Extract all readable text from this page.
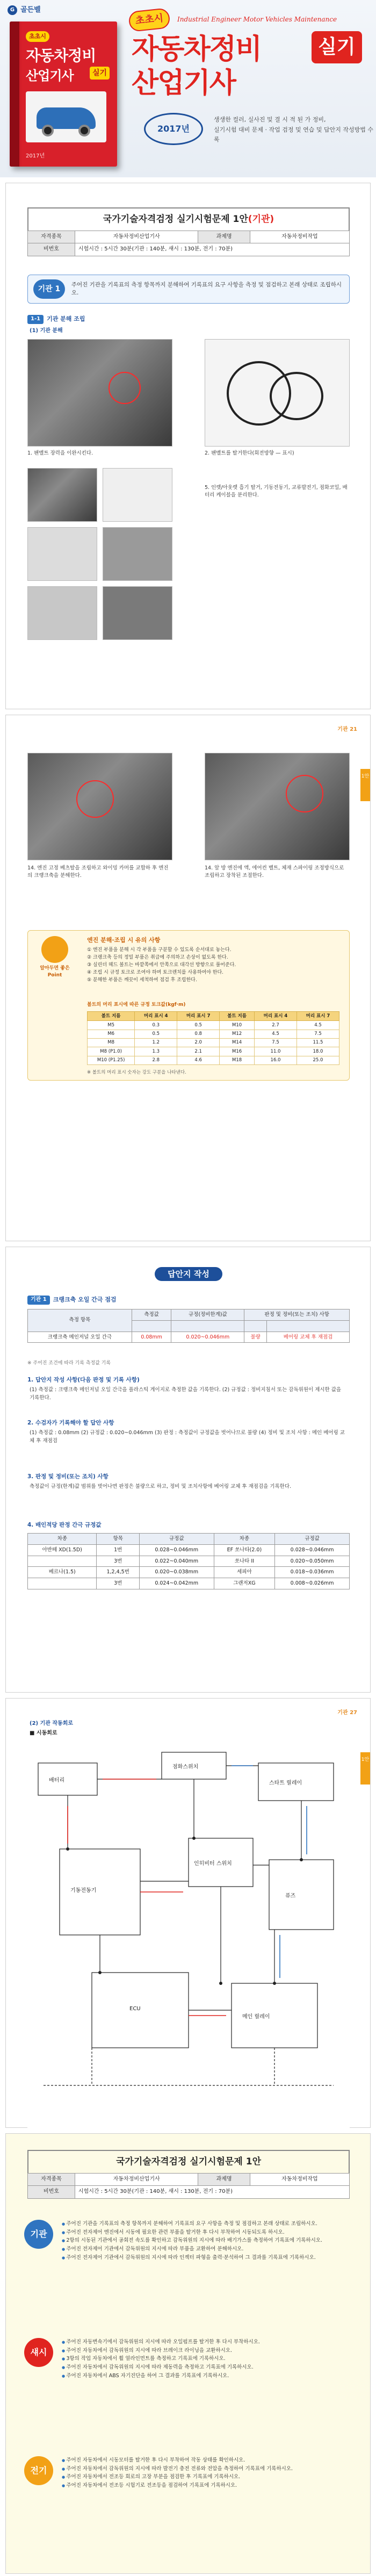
G 골든벨
초초시
자동차정비
산업기사	실기
2017년
초초시	Industrial Engineer Motor Vehicles Maintenance
자동차정비
산업기사
실기
2017년
생생한 컬러, 실사진 및 결 시 적 된 가 정비,
실기시험 대비 문제 · 작업 검정 및 연습 및 답안지 작성방법 수록
국가기술자격검정 실기시험문제 1안(기관)
자격종목	자동차정비산업기사	과제명	자동차정비작업
비번호	시험시간 : 5시간 30분(기관 : 140분, 섀시 : 130분, 전기 : 70분)		
기관 1
주어진 기관을 기록표의 측정 항목까지 분해하여 기록표의 요구 사항을 측정 및 점검하고 본래 상태로 조립하시오.
1-1	기관 분해 조립
(1) 기관 분해
1. 팬벨트 장력을 이완시킨다.	2. 팬벨트를 탈거한다(회전방향 — 표시)
5. 인렛/아웃렛 흡기 탈거, 기동전동기, 교류발전기, 점화코일, 배터리 케이블을 분리한다.
기관 21
1안
14. 엔진 고정 베츠탈을 조립하고 와이밍 카머를 교합하 후 엔진의 크랭크축을 분해한다.
14. 앞 방 엔진에 액, 에어컨 벨트, 체재 스파이링 조정방식으로 조립하고 장착된 조절한다.
알아두면 좋은 Point
엔진 분해·조립 시 유의 사항
① 엔진 부품을 분해 시 각 부품을 구분할 수 있도록 순서대로 놓는다.
② 크랭크축 등의 정밀 부품은 취급에 주의하고 손상이 없도록 한다.
③ 실린더 헤드 볼트는 바깥쪽에서 안쪽으로 대각선 방향으로 풀어준다.
④ 조립 시 규정 토크로 조여야 하며 토크렌치를 사용하여야 한다.
⑤ 분해한 부품은 깨끗이 세척하여 점검 후 조립한다.
볼트의 머리 표시에 따른 규정 토크값(kgf·m)
볼트 지름	머리 표시 4	머리 표시 7	볼트 지름	머리 표시 4	머리 표시 7
M5	0.3	0.5	M10	2.7	4.5
M6	0.5	0.8	M12	4.5	7.5
M8	1.2	2.0	M14	7.5	11.5
M8 (P1.0)	1.3	2.1	M16	11.0	18.0
M10 (P1.25)	2.8	4.6	M18	16.0	25.0
※ 볼트의 머리 표시 숫자는 강도 구분을 나타낸다.
답안지 작성
기관 1	크랭크축 오일 간극 점검
측정 항목	측정값	규정(정비한계)값	판정 및 정비(또는 조치) 사항	

크랭크축 메인저널 오일 간극	0.08mm	0.020~0.046mm	불량	베어링 교체 후 재점검
※ 주어진 조건에 따라 기록 측정값 기록
1. 답안지 작성 사항(다음 판정 및 기록 사항)
(1) 측정값 : 크랭크축 메인저널 오일 간극을 플라스틱 게이지로 측정한 값을 기록한다. (2) 규정값 : 정비지침서 또는 감독위원이 제시한 값을 기록한다.
2. 수검자가 기록해야 할 답안 사항
(1) 측정값 : 0.08mm (2) 규정값 : 0.020~0.046mm (3) 판정 : 측정값이 규정값을 벗어나므로 불량 (4) 정비 및 조치 사항 : 메인 베어링 교체 후 재점검
3. 판정 및 정비(또는 조치) 사항
측정값이 규정(한계)값 범위를 벗어나면 판정은 불량으로 하고, 정비 및 조치사항에 베어링 교체 후 재점검을 기록한다.
4. 배인적당 판정 간극 규정값
차종	항목	규정값	차종	규정값
아반떼 XD(1.5D)	1번	0.028~0.046mm	EF 쏘나타(2.0)	0.028~0.046mm
	3번	0.022~0.040mm	쏘나타 II	0.020~0.050mm
베르나(1.5)	1,2,4,5번	0.020~0.038mm	세피아	0.018~0.036mm
	3번	0.024~0.042mm	그랜저XG	0.008~0.026mm
기관 27
1안
(2) 기관 작동회로
■ 시동회로
배터리
점화스위치
스타트 릴레이
기동전동기
인히비터 스위치
퓨즈
ECU
메인 릴레이
국가기술자격검정 실기시험문제 1안
자격종목	자동차정비산업기사	과제명	자동차정비작업
비번호	시험시간 : 5시간 30분(기관 : 140분, 섀시 : 130분, 전기 : 70분)		
기관
● 주어진 기관을 기록표의 측정 항목까지 분해하여 기록표의 요구 사항을 측정 및 점검하고 본래 상태로 조립하시오.
● 주어진 전자제어 엔진에서 시동에 필요한 관련 부품을 탈거한 후 다시 부착하여 시동되도록 하시오.
● 2항의 시동된 기관에서 공회전 속도를 확인하고 감독위원의 지시에 따라 배기가스를 측정하여 기록표에 기록하시오.
● 주어진 전자제어 기관에서 감독위원의 지시에 따라 부품을 교환하여 분해하시오.
● 주어진 전자제어 기관에서 감독위원의 지시에 따라 인젝터 파형을 출력·분석하여 그 결과를 기록표에 기록하시오.
섀시
● 주어진 자동변속기에서 감독위원의 지시에 따라 오일펌프를 탈거한 후 다시 부착하시오.
● 주어진 자동차에서 감독위원의 지시에 따라 브레이크 라이닝을 교환하시오.
● 3항의 작업 자동차에서 휠 얼라인먼트를 측정하고 기록표에 기록하시오.
● 주어진 자동차에서 감독위원의 지시에 따라 제동력을 측정하고 기록표에 기록하시오.
● 주어진 자동차에서 ABS 자기진단을 하여 그 결과를 기록표에 기록하시오.
전기
● 주어진 자동차에서 시동모터를 탈거한 후 다시 부착하여 작동 상태를 확인하시오.
● 주어진 자동차에서 감독위원의 지시에 따라 발전기 충전 전류와 전압을 측정하여 기록표에 기록하시오.
● 주어진 자동차에서 전조등 회로의 고장 부분을 점검한 후 기록표에 기록하시오.
● 주어진 자동차에서 전조등 시험기로 전조등을 점검하여 기록표에 기록하시오.
